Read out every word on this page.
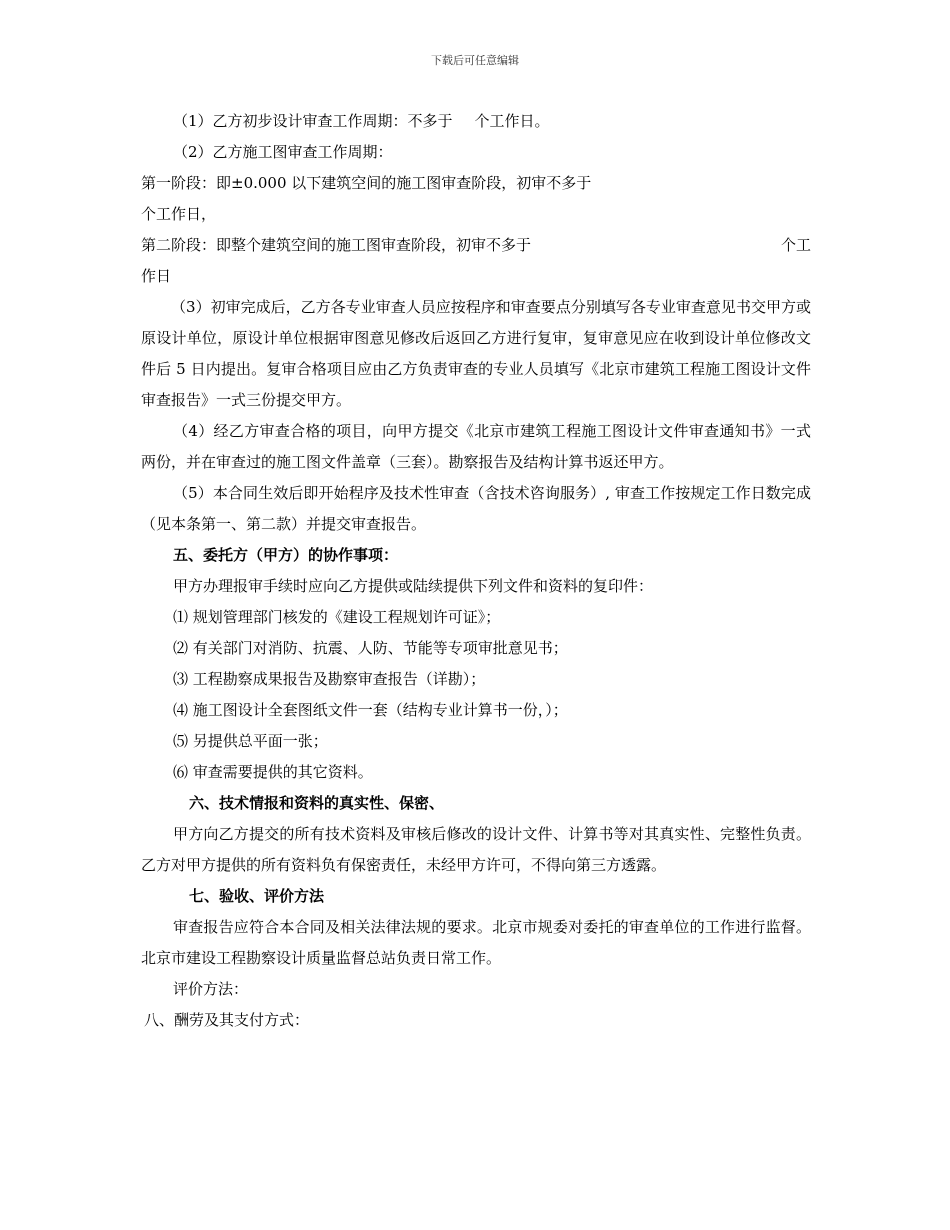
下载后可任意编辑
（1）乙方初步设计审查工作周期：不多于 个工作日。
（2）乙方施工图审查工作周期：
第一阶段：即±0.000 以下建筑空间的施工图审查阶段，初审不多于
个工作日，
第二阶段：即整个建筑空间的施工图审查阶段，初审不多于	个工
作日
（3）初审完成后，乙方各专业审查人员应按程序和审查要点分别填写各专业审查意见书交甲方或原设计单位，原设计单位根据审图意见修改后返回乙方进行复审，复审意见应在收到设计单位修改文件后 5 日内提出。复审合格项目应由乙方负责审查的专业人员填写《北京市建筑工程施工图设计文件审查报告》一式三份提交甲方。
（4）经乙方审查合格的项目，向甲方提交《北京市建筑工程施工图设计文件审查通知书》一式两份，并在审查过的施工图文件盖章（三套）。勘察报告及结构计算书返还甲方。
（5）本合同生效后即开始程序及技术性审查（含技术咨询服务）, 审查工作按规定工作日数完成（见本条第一、第二款）并提交审查报告。
五、委托方（甲方）的协作事项：
甲方办理报审手续时应向乙方提供或陆续提供下列文件和资料的复印件：
⑴ 规划管理部门核发的《建设工程规划许可证》；
⑵ 有关部门对消防、抗震、人防、节能等专项审批意见书；
⑶ 工程勘察成果报告及勘察审查报告（详勘）；
⑷ 施工图设计全套图纸文件一套（结构专业计算书一份，）；
⑸ 另提供总平面一张；
⑹ 审查需要提供的其它资料。
六、技术情报和资料的真实性、保密、
甲方向乙方提交的所有技术资料及审核后修改的设计文件、计算书等对其真实性、完整性负责。乙方对甲方提供的所有资料负有保密责任，未经甲方许可，不得向第三方透露。
七、验收、评价方法
审查报告应符合本合同及相关法律法规的要求。北京市规委对委托的审查单位的工作进行监督。北京市建设工程勘察设计质量监督总站负责日常工作。
评价方法：
八、酬劳及其支付方式：
